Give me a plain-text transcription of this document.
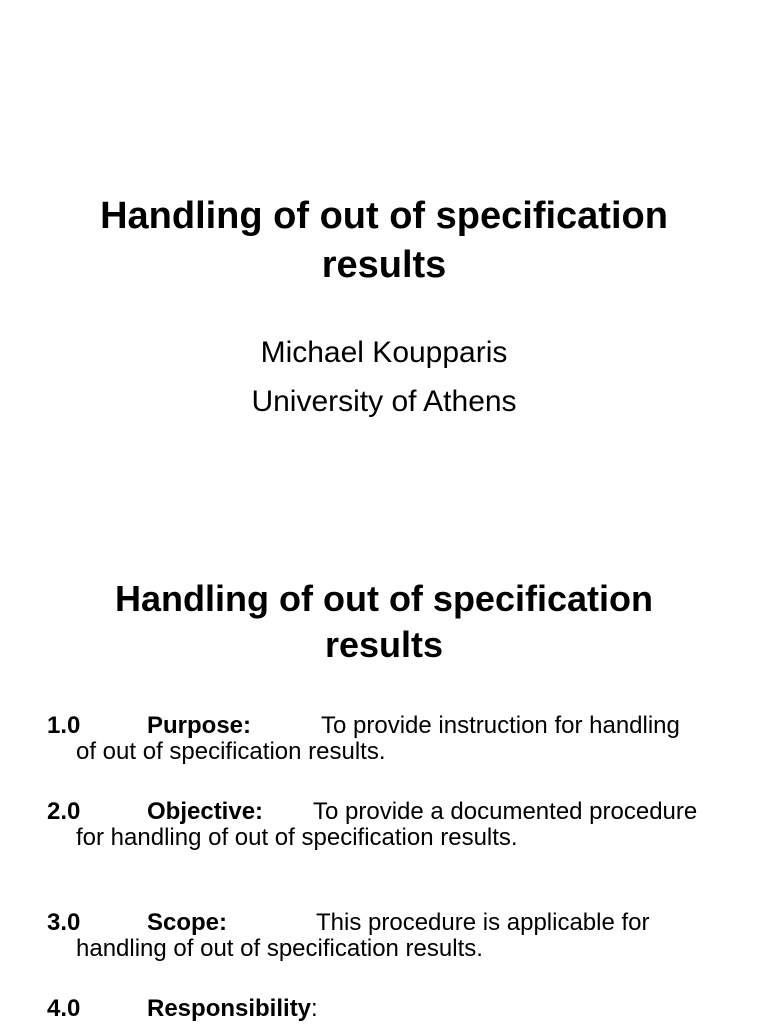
Handling of out of specification
results
Michael Koupparis
University of Athens
Handling of out of specification
results
1.0	Purpose:	To provide instruction for handling
of out of specification results.
2.0	Objective: To provide a documented procedure
for handling of out of specification results.
3.0	Scope:	This procedure is applicable for
handling of out of specification results.
4.0	Responsibility:
